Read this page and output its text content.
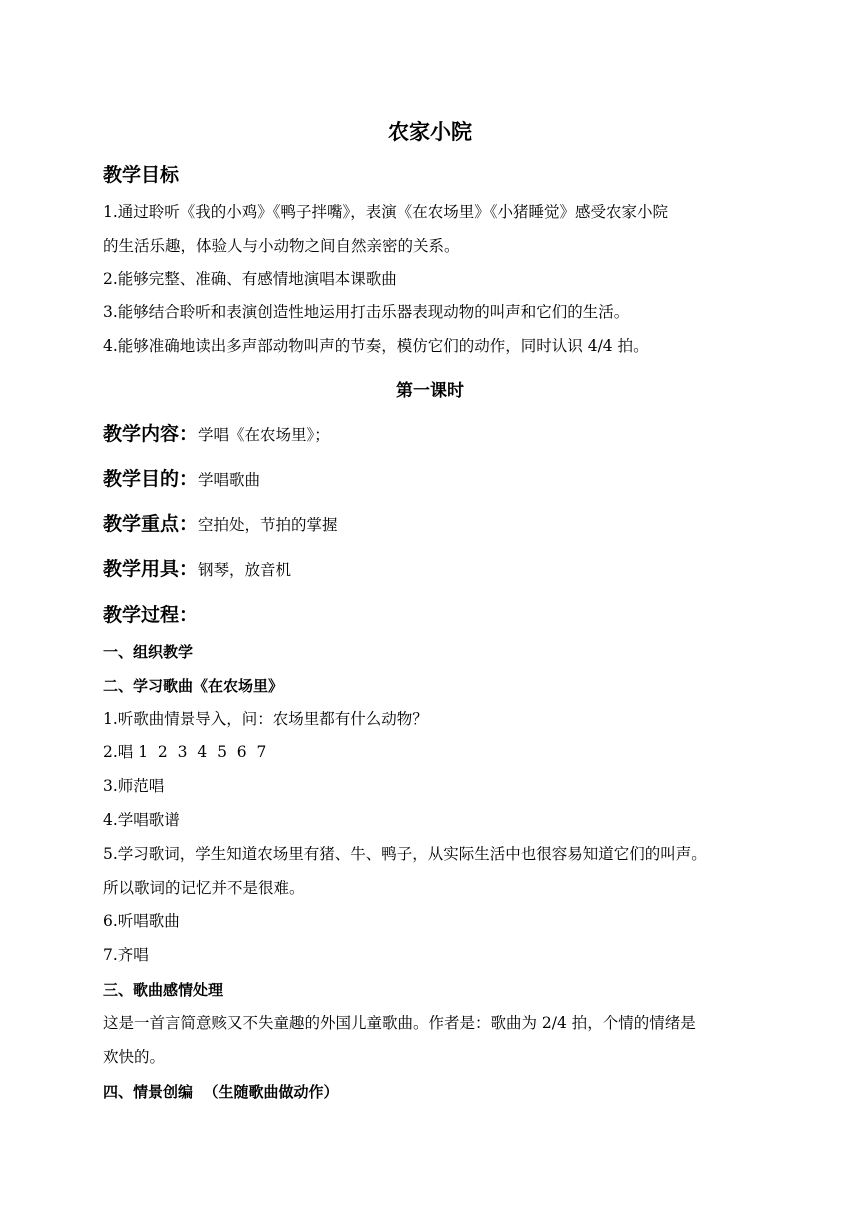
农家小院
教学目标
1.通过聆听《我的小鸡》《鸭子拌嘴》，表演《在农场里》《小猪睡觉》感受农家小院
的生活乐趣，体验人与小动物之间自然亲密的关系。
2.能够完整、准确、有感情地演唱本课歌曲
3.能够结合聆听和表演创造性地运用打击乐器表现动物的叫声和它们的生活。
4.能够准确地读出多声部动物叫声的节奏，模仿它们的动作，同时认识 4/4 拍。
第一课时
教学内容：学唱《在农场里》；
教学目的：学唱歌曲
教学重点：空拍处，节拍的掌握
教学用具：钢琴，放音机
教学过程：
一、组织教学
二、学习歌曲《在农场里》
1.听歌曲情景导入，问：农场里都有什么动物？
2.唱 1  2  3  4  5  6  7
3.师范唱
4.学唱歌谱
5.学习歌词，学生知道农场里有猪、牛、鸭子，从实际生活中也很容易知道它们的叫声。
所以歌词的记忆并不是很难。
6.听唱歌曲
7.齐唱
三、歌曲感情处理
这是一首言简意赅又不失童趣的外国儿童歌曲。作者是：歌曲为 2/4 拍，个情的情绪是
欢快的。
四、情景创编  （生随歌曲做动作）
